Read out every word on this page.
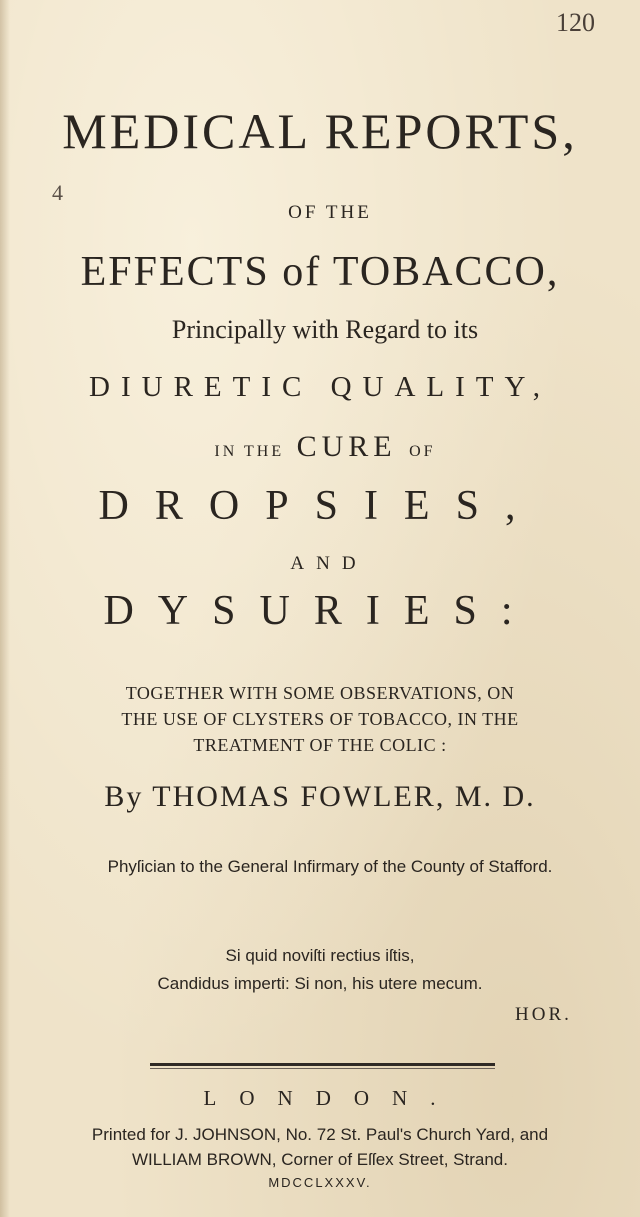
120
4
MEDICAL REPORTS,
OF THE
EFFECTS of TOBACCO,
Principally with Regard to its
DIURETIC QUALITY,
IN THE CURE OF
DROPSIES,
AND
DYSURIES:
TOGETHER WITH SOME OBSERVATIONS, ON
THE USE OF CLYSTERS OF TOBACCO, IN THE
TREATMENT OF THE COLIC :
By THOMAS FOWLER, M. D.
Phyſician to the General Infirmary of the County of Stafford.
Si quid noviſti rectius iſtis,
Candidus imperti: Si non, his utere mecum.
HOR.
LONDON.
Printed for J. JOHNSON, No. 72 St. Paul's Church Yard, and
WILLIAM BROWN, Corner of Eſſex Street, Strand.
MDCCLXXXV.
